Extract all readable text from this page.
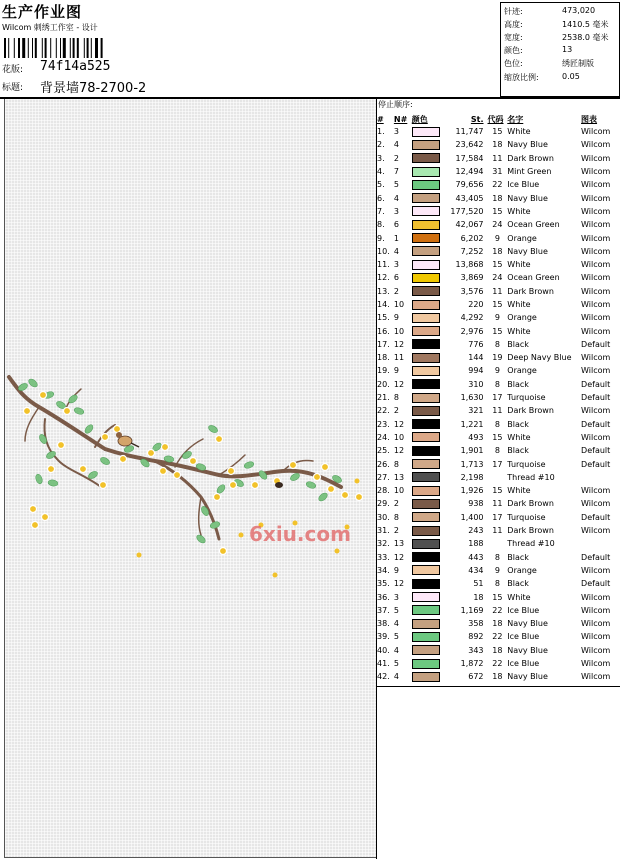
生产作业图
Wilcom 刺绣工作室 - 设计
花版: 74f14a525
标题: 背景墙78-2700-2
针迹:	473,020
高度:	1410.5 毫米
宽度:	2538.0 毫米
颜色:	13
色位:	绣匠制版
缩放比例:	0.05
6xiu.com
停止顺序:
#	N#	颜色	St.	代码	名字	图表
1.	3		11,747	15	White	Wilcom
2.	4		23,642	18	Navy Blue	Wilcom
3.	2		17,584	11	Dark Brown	Wilcom
4.	7		12,494	31	Mint Green	Wilcom
5.	5		79,656	22	Ice Blue	Wilcom
6.	4		43,405	18	Navy Blue	Wilcom
7.	3		177,520	15	White	Wilcom
8.	6		42,067	24	Ocean Green	Wilcom
9.	1		6,202	9	Orange	Wilcom
10.	4		7,252	18	Navy Blue	Wilcom
11.	3		13,868	15	White	Wilcom
12.	6		3,869	24	Ocean Green	Wilcom
13.	2		3,576	11	Dark Brown	Wilcom
14.	10		220	15	White	Wilcom
15.	9		4,292	9	Orange	Wilcom
16.	10		2,976	15	White	Wilcom
17.	12		776	8	Black	Default
18.	11		144	19	Deep Navy Blue	Wilcom
19.	9		994	9	Orange	Wilcom
20.	12		310	8	Black	Default
21.	8		1,630	17	Turquoise	Default
22.	2		321	11	Dark Brown	Wilcom
23.	12		1,221	8	Black	Default
24.	10		493	15	White	Wilcom
25.	12		1,901	8	Black	Default
26.	8		1,713	17	Turquoise	Default
27.	13		2,198		Thread #10	
28.	10		1,926	15	White	Wilcom
29.	2		938	11	Dark Brown	Wilcom
30.	8		1,400	17	Turquoise	Default
31.	2		243	11	Dark Brown	Wilcom
32.	13		188		Thread #10	
33.	12		443	8	Black	Default
34.	9		434	9	Orange	Wilcom
35.	12		51	8	Black	Default
36.	3		18	15	White	Wilcom
37.	5		1,169	22	Ice Blue	Wilcom
38.	4		358	18	Navy Blue	Wilcom
39.	5		892	22	Ice Blue	Wilcom
40.	4		343	18	Navy Blue	Wilcom
41.	5		1,872	22	Ice Blue	Wilcom
42.	4		672	18	Navy Blue	Wilcom
